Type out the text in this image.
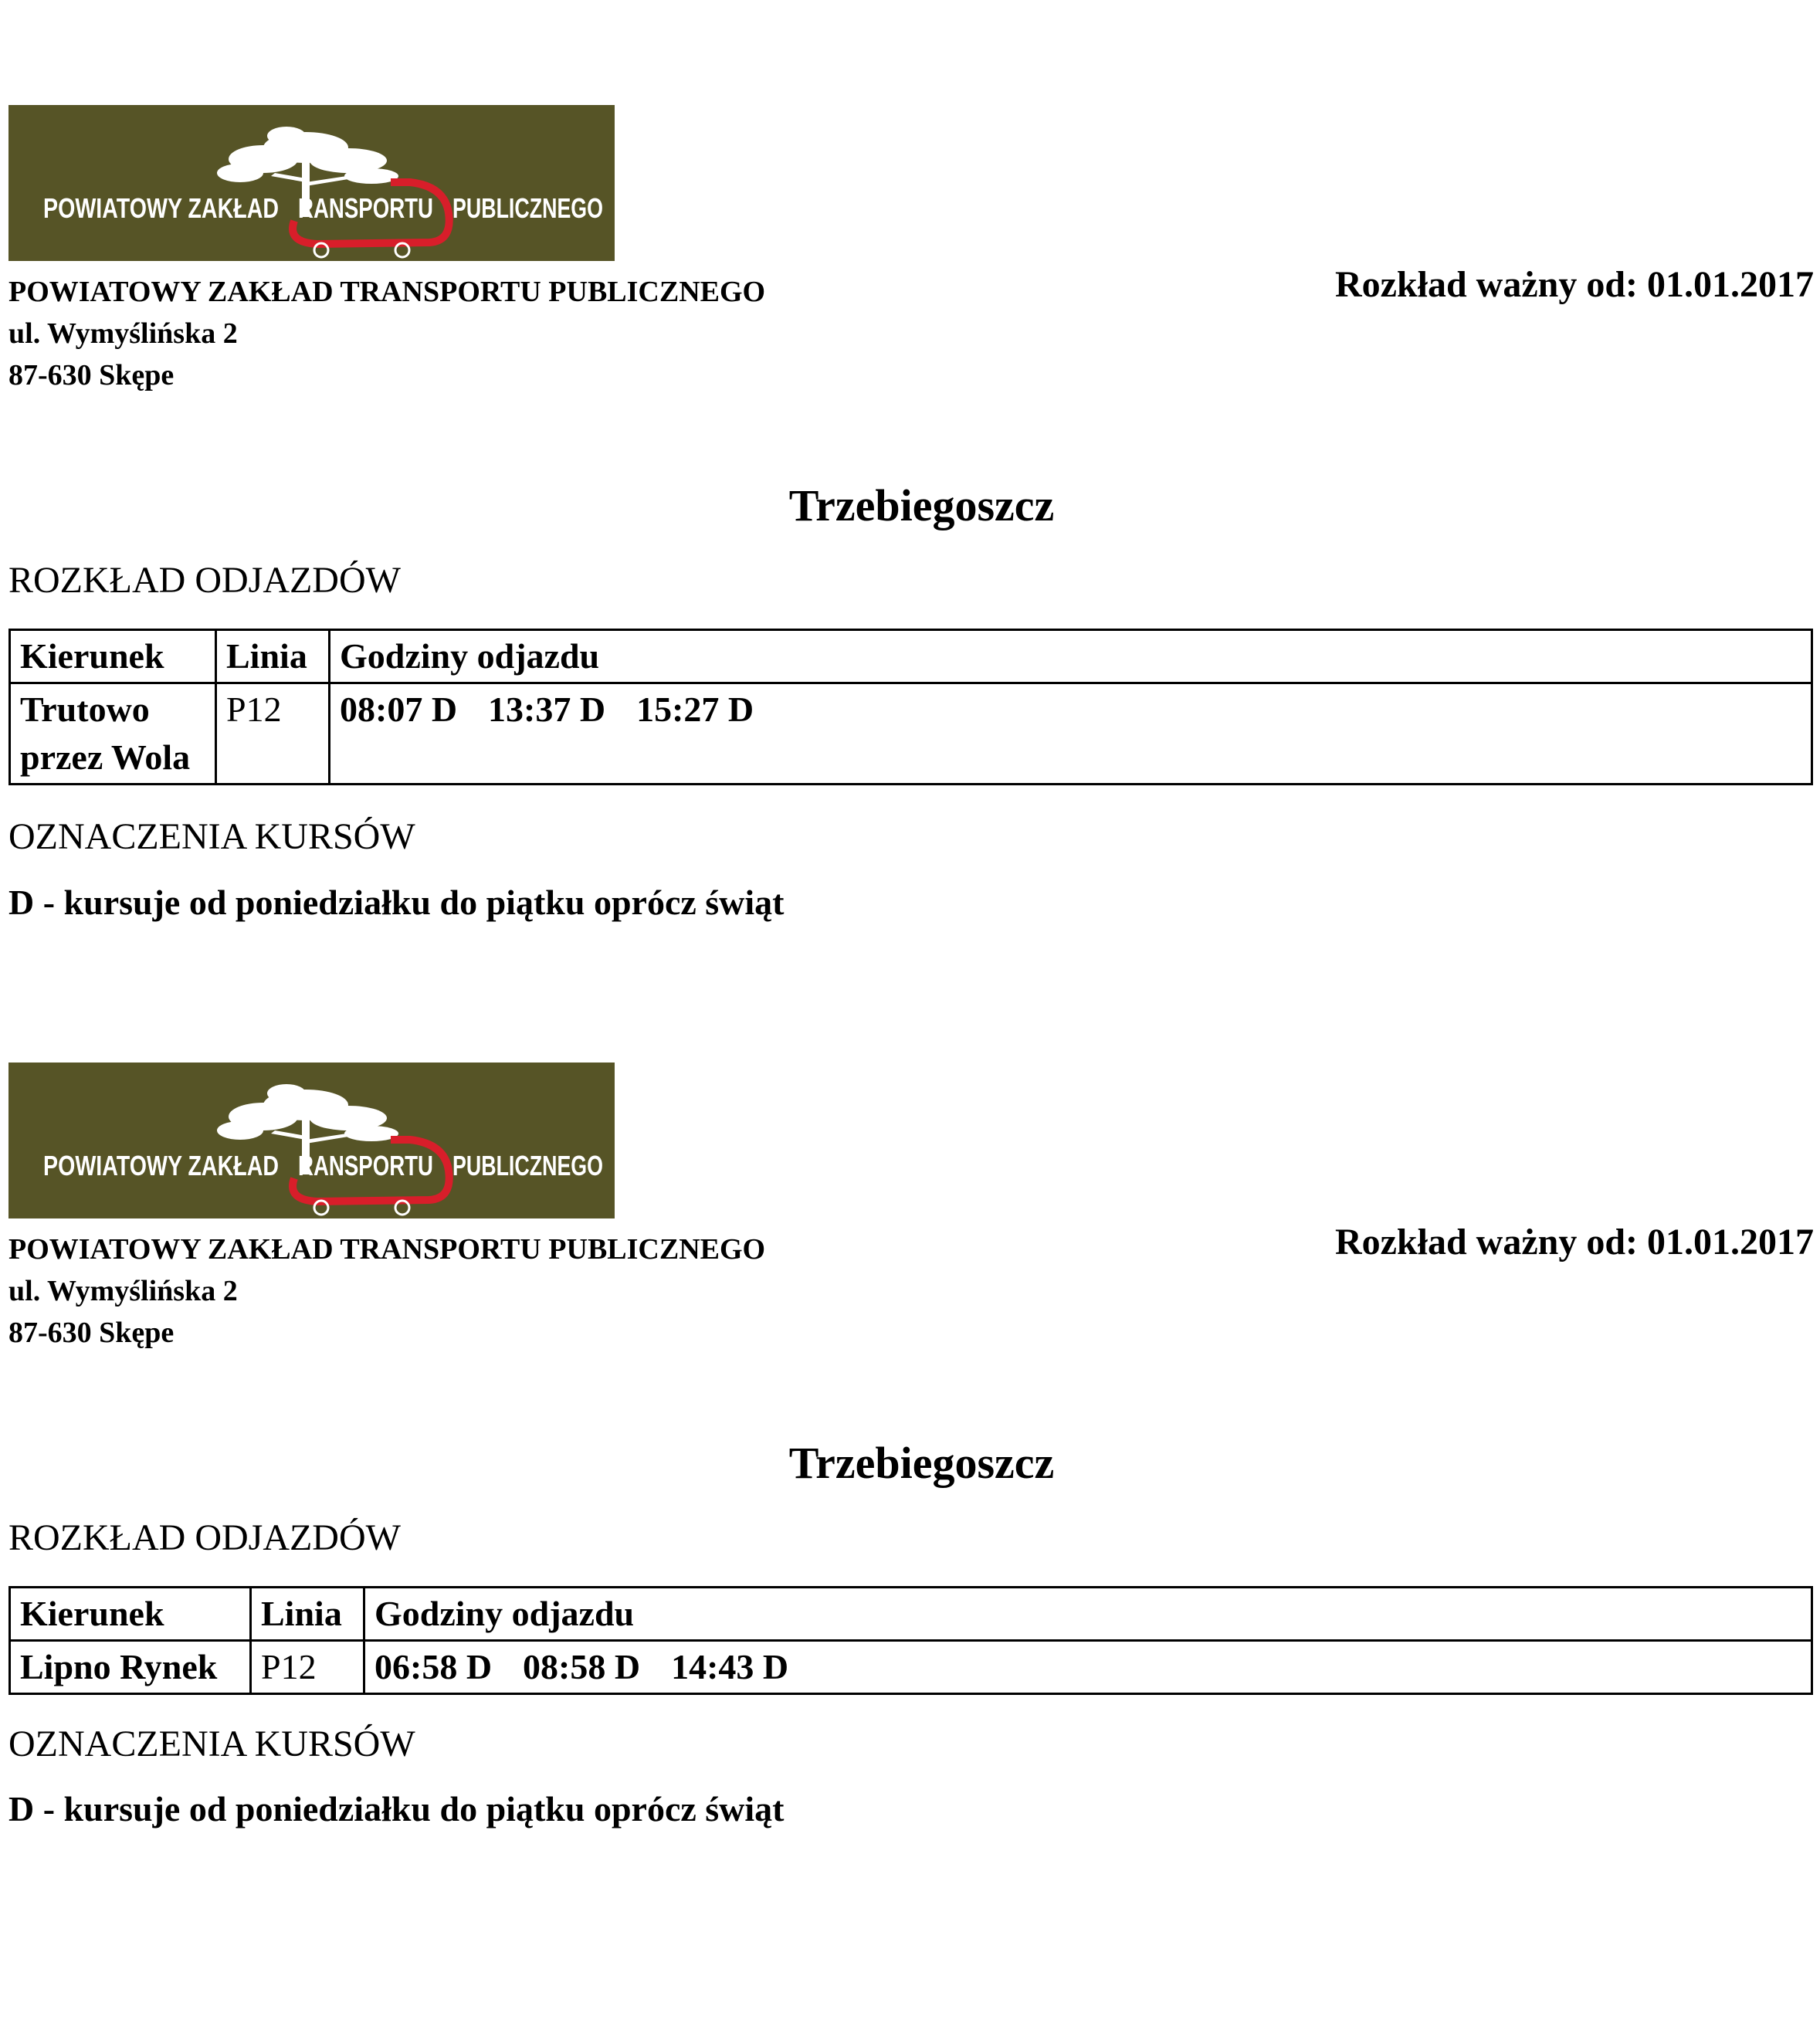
POWIATOWY ZAKŁAD RANSPORTU PUBLICZNEGO
POWIATOWY ZAKŁAD TRANSPORTU PUBLICZNEGO
ul. Wymyślińska 2
87-630 Skępe
Rozkład ważny od: 01.01.2017
Trzebiegoszcz
ROZKŁAD ODJAZDÓW
Kierunek	Linia	Godziny odjazdu

Trutowo
przez Wola	P12	08:07 D 13:37 D 15:27 D
OZNACZENIA KURSÓW
D - kursuje od poniedziałku do piątku oprócz świąt
POWIATOWY ZAKŁAD RANSPORTU PUBLICZNEGO
POWIATOWY ZAKŁAD TRANSPORTU PUBLICZNEGO
ul. Wymyślińska 2
87-630 Skępe
Rozkład ważny od: 01.01.2017
Trzebiegoszcz
ROZKŁAD ODJAZDÓW
Kierunek	Linia	Godziny odjazdu

Lipno Rynek	P12	06:58 D 08:58 D 14:43 D
OZNACZENIA KURSÓW
D - kursuje od poniedziałku do piątku oprócz świąt
